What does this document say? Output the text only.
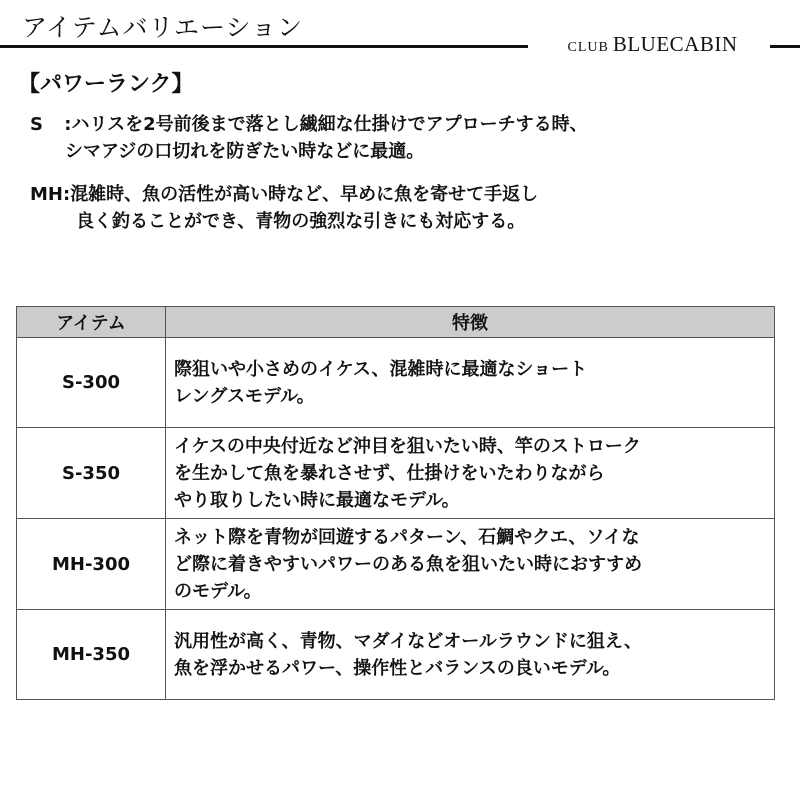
アイテムバリエーション
CLUB BLUECABIN
【パワーランク】
S :ハリスを2号前後まで落とし繊細な仕掛けでアプローチする時、
シマアジの口切れを防ぎたい時などに最適。
MH:混雑時、魚の活性が高い時など、早めに魚を寄せて手返し
良く釣ることができ、青物の強烈な引きにも対応する。
アイテム	特徴
S-300	際狙いや小さめのイケス、混雑時に最適なショート
レングスモデル。

S-350	イケスの中央付近など沖目を狙いたい時、竿のストローク
を生かして魚を暴れさせず、仕掛けをいたわりながら
やり取りしたい時に最適なモデル。

MH-300	ネット際を青物が回遊するパターン、石鯛やクエ、ソイな
ど際に着きやすいパワーのある魚を狙いたい時におすすめ
のモデル。

MH-350	汎用性が高く、青物、マダイなどオールラウンドに狙え、
魚を浮かせるパワー、操作性とバランスの良いモデル。
